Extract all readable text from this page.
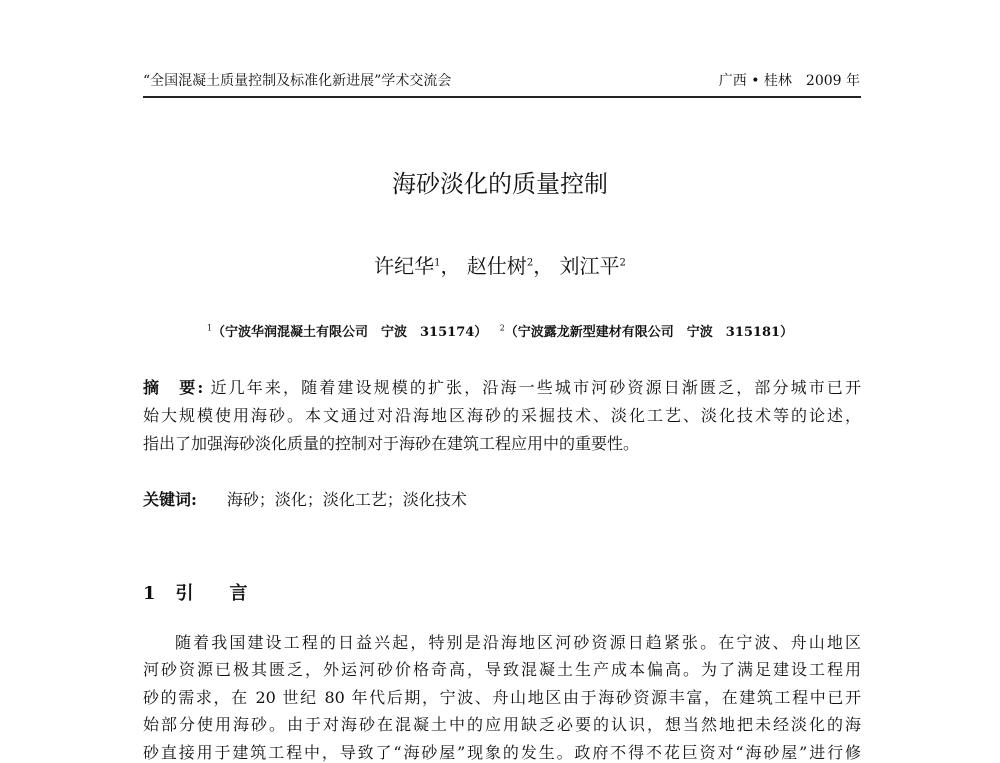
“全国混凝土质量控制及标准化新进展”学术交流会	广西 • 桂林　2009 年
海砂淡化的质量控制
许纪华$^1$， 赵仕树$^2$， 刘江平$^2$
$^1$（宁波华润混凝土有限公司　宁波　315174） $^2$（宁波露龙新型建材有限公司　宁波　315181）
摘　要: 近几年来，随着建设规模的扩张，沿海一些城市河砂资源日渐匮乏，部分城市已开
始大规模使用海砂。本文通过对沿海地区海砂的采掘技术、淡化工艺、淡化技术等的论述，
指出了加强海砂淡化质量的控制对于海砂在建筑工程应用中的重要性。
关键词: 海砂；淡化；淡化工艺；淡化技术
1 引　　言
随着我国建设工程的日益兴起，特别是沿海地区河砂资源日趋紧张。在宁波、舟山地区
河砂资源已极其匮乏，外运河砂价格奇高，导致混凝土生产成本偏高。为了满足建设工程用
砂的需求，在 20 世纪 80 年代后期，宁波、舟山地区由于海砂资源丰富，在建筑工程中已开
始部分使用海砂。由于对海砂在混凝土中的应用缺乏必要的认识，想当然地把未经淡化的海
砂直接用于建筑工程中，导致了“海砂屋”现象的发生。政府不得不花巨资对“海砂屋”进行修
